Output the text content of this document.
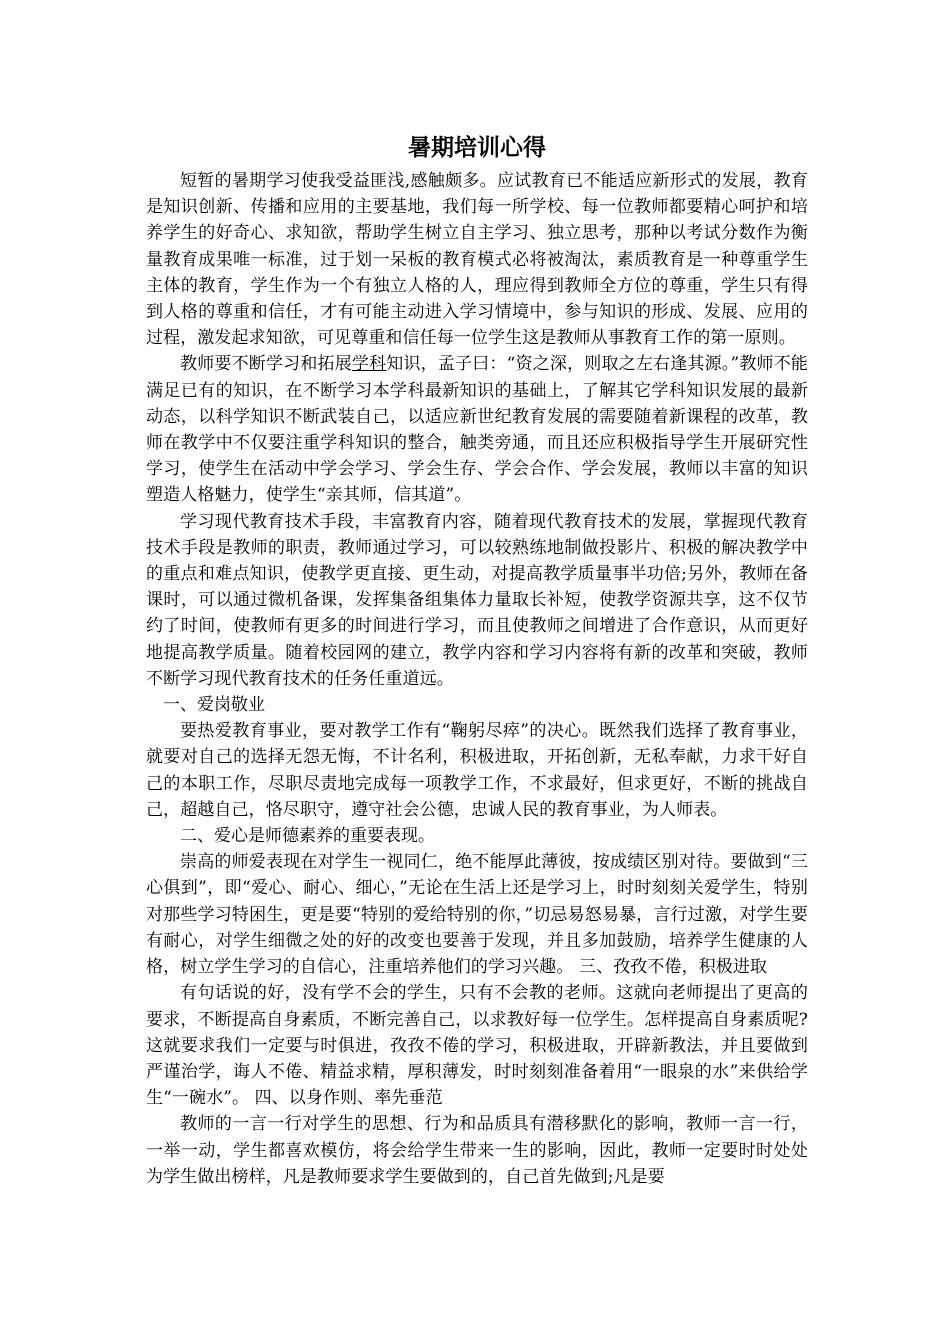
暑期培训心得

短暂的暑期学习使我受益匪浅,感触颇多。应试教育已不能适应新形式的发展，教育是知识创新、传播和应用的主要基地，我们每一所学校、每一位教师都要精心呵护和培养学生的好奇心、求知欲，帮助学生树立自主学习、独立思考，那种以考试分数作为衡量教育成果唯一标准，过于划一呆板的教育模式必将被淘汰，素质教育是一种尊重学生主体的教育，学生作为一个有独立人格的人，理应得到教师全方位的尊重，学生只有得到人格的尊重和信任，才有可能主动进入学习情境中，参与知识的形成、发展、应用的过程，激发起求知欲，可见尊重和信任每一位学生这是教师从事教育工作的第一原则。

教师要不断学习和拓展学科知识，孟子曰：“资之深，则取之左右逢其源。”教师不能满足已有的知识，在不断学习本学科最新知识的基础上，了解其它学科知识发展的最新动态，以科学知识不断武装自己，以适应新世纪教育发展的需要随着新课程的改革，教师在教学中不仅要注重学科知识的整合，触类旁通，而且还应积极指导学生开展研究性学习，使学生在活动中学会学习、学会生存、学会合作、学会发展，教师以丰富的知识塑造人格魅力，使学生“亲其师，信其道”。

学习现代教育技术手段，丰富教育内容，随着现代教育技术的发展，掌握现代教育技术手段是教师的职责，教师通过学习，可以较熟练地制做投影片、积极的解决教学中的重点和难点知识，使教学更直接、更生动，对提高教学质量事半功倍;另外，教师在备课时，可以通过微机备课，发挥集备组集体力量取长补短，使教学资源共享，这不仅节约了时间，使教师有更多的时间进行学习，而且使教师之间增进了合作意识，从而更好地提高教学质量。随着校园网的建立，教学内容和学习内容将有新的改革和突破，教师不断学习现代教育技术的任务任重道远。

一、爱岗敬业

要热爱教育事业，要对教学工作有“鞠躬尽瘁”的决心。既然我们选择了教育事业，就要对自己的选择无怨无悔，不计名利，积极进取，开拓创新，无私奉献，力求干好自己的本职工作，尽职尽责地完成每一项教学工作，不求最好，但求更好，不断的挑战自己，超越自己，恪尽职守，遵守社会公德，忠诚人民的教育事业，为人师表。

二、爱心是师德素养的重要表现。

崇高的师爱表现在对学生一视同仁，绝不能厚此薄彼，按成绩区别对待。要做到“三心俱到”，即“爱心、耐心、细心，”无论在生活上还是学习上，时时刻刻关爱学生，特别对那些学习特困生，更是要“特别的爱给特别的你，”切忌易怒易暴，言行过激，对学生要有耐心，对学生细微之处的好的改变也要善于发现，并且多加鼓励，培养学生健康的人格，树立学生学习的自信心，注重培养他们的学习兴趣。 三、孜孜不倦，积极进取

有句话说的好，没有学不会的学生，只有不会教的老师。这就向老师提出了更高的要求，不断提高自身素质，不断完善自己，以求教好每一位学生。怎样提高自身素质呢?这就要求我们一定要与时俱进，孜孜不倦的学习，积极进取，开辟新教法，并且要做到严谨治学，诲人不倦、精益求精，厚积薄发，时时刻刻准备着用“一眼泉的水”来供给学生“一碗水”。 四、以身作则、率先垂范

教师的一言一行对学生的思想、行为和品质具有潜移默化的影响，教师一言一行，一举一动，学生都喜欢模仿，将会给学生带来一生的影响，因此，教师一定要时时处处为学生做出榜样，凡是教师要求学生要做到的，自己首先做到;凡是要
